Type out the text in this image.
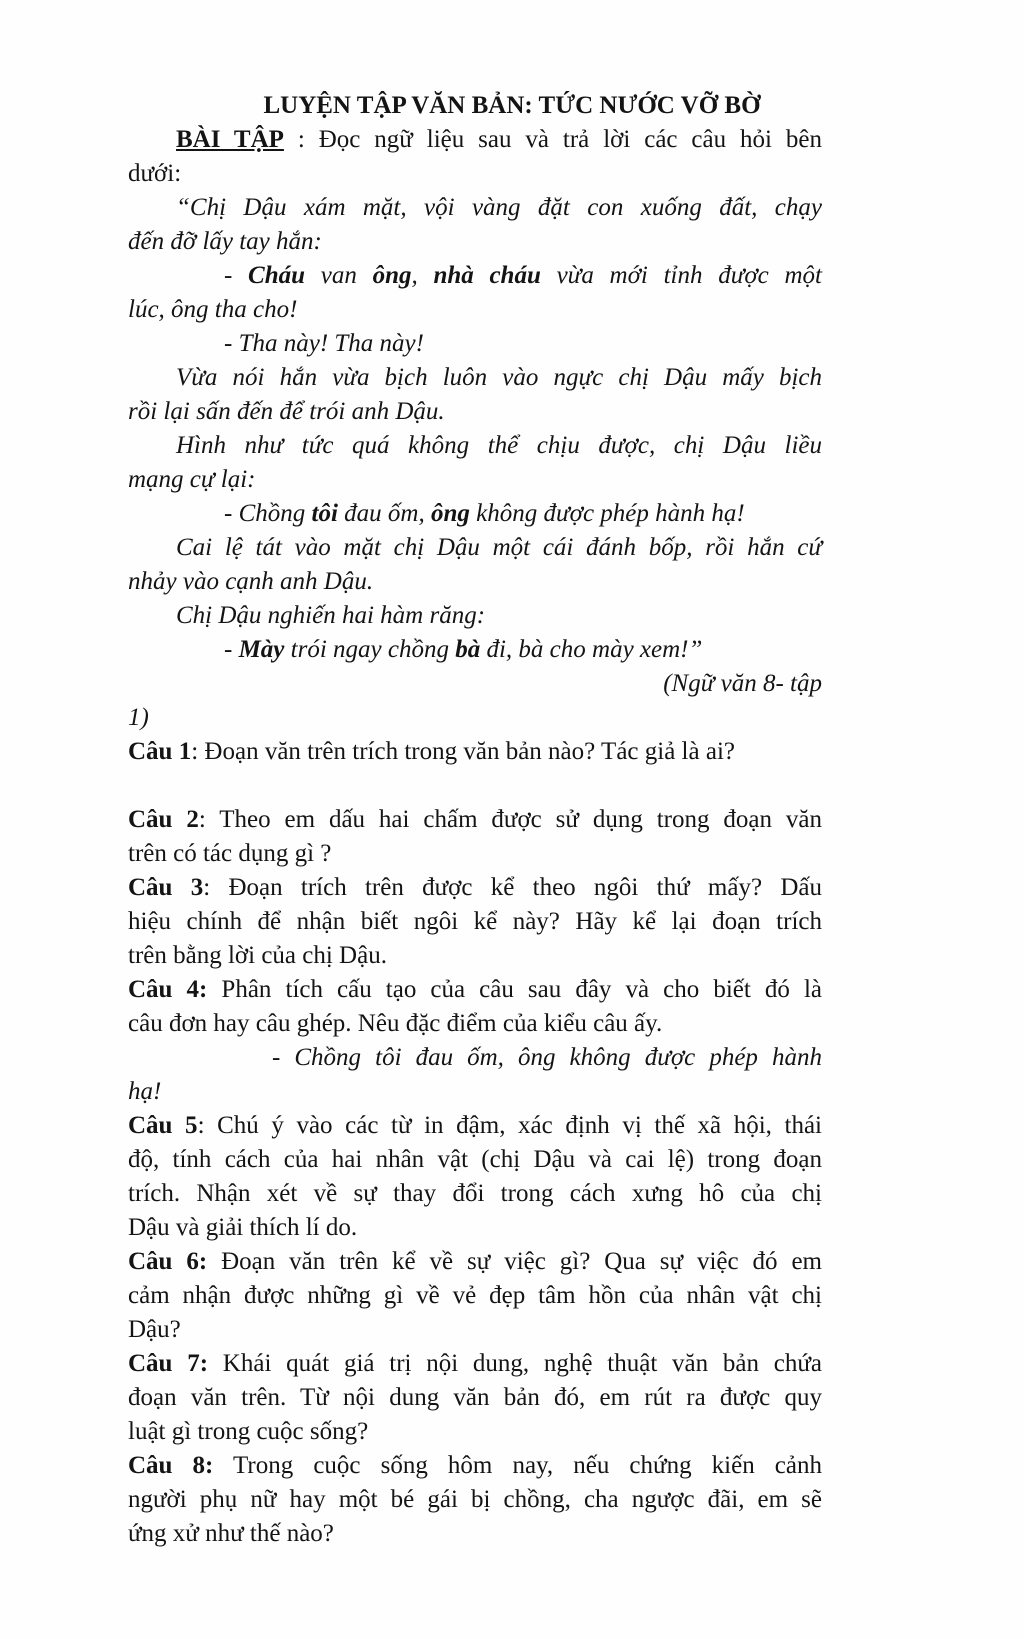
LUYỆN TẬP VĂN BẢN: TỨC NƯỚC VỠ BỜ
BÀI TẬP : Đọc ngữ liệu sau và trả lời các câu hỏi bên
dưới:
“Chị Dậu xám mặt, vội vàng đặt con xuống đất, chạy
đến đỡ lấy tay hắn:
- Cháu van ông, nhà cháu vừa mới tỉnh được một
lúc, ông tha cho!
- Tha này! Tha này!
Vừa nói hắn vừa bịch luôn vào ngực chị Dậu mấy bịch
rồi lại sấn đến để trói anh Dậu.
Hình như tức quá không thể chịu được, chị Dậu liều
mạng cự lại:
- Chồng tôi đau ốm, ông không được phép hành hạ!
Cai lệ tát vào mặt chị Dậu một cái đánh bốp, rồi hắn cứ
nhảy vào cạnh anh Dậu.
Chị Dậu nghiến hai hàm răng:
- Mày trói ngay chồng bà đi, bà cho mày xem!”
(Ngữ văn 8- tập
1)
Câu 1: Đoạn văn trên trích trong văn bản nào? Tác giả là ai?
Câu 2: Theo em dấu hai chấm được sử dụng trong đoạn văn
trên có tác dụng gì ?
Câu 3: Đoạn trích trên được kể theo ngôi thứ mấy? Dấu
hiệu chính để nhận biết ngôi kể này? Hãy kể lại đoạn trích
trên bằng lời của chị Dậu.
Câu 4: Phân tích cấu tạo của câu sau đây và cho biết đó là
câu đơn hay câu ghép. Nêu đặc điểm của kiểu câu ấy.
- Chồng tôi đau ốm, ông không được phép hành
hạ!
Câu 5: Chú ý vào các từ in đậm, xác định vị thế xã hội, thái
độ, tính cách của hai nhân vật (chị Dậu và cai lệ) trong đoạn
trích. Nhận xét về sự thay đổi trong cách xưng hô của chị
Dậu và giải thích lí do.
Câu 6: Đoạn văn trên kể về sự việc gì? Qua sự việc đó em
cảm nhận được những gì về vẻ đẹp tâm hồn của nhân vật chị
Dậu?
Câu 7: Khái quát giá trị nội dung, nghệ thuật văn bản chứa
đoạn văn trên. Từ nội dung văn bản đó, em rút ra được quy
luật gì trong cuộc sống?
Câu 8: Trong cuộc sống hôm nay, nếu chứng kiến cảnh
người phụ nữ hay một bé gái bị chồng, cha ngược đãi, em sẽ
ứng xử như thế nào?
